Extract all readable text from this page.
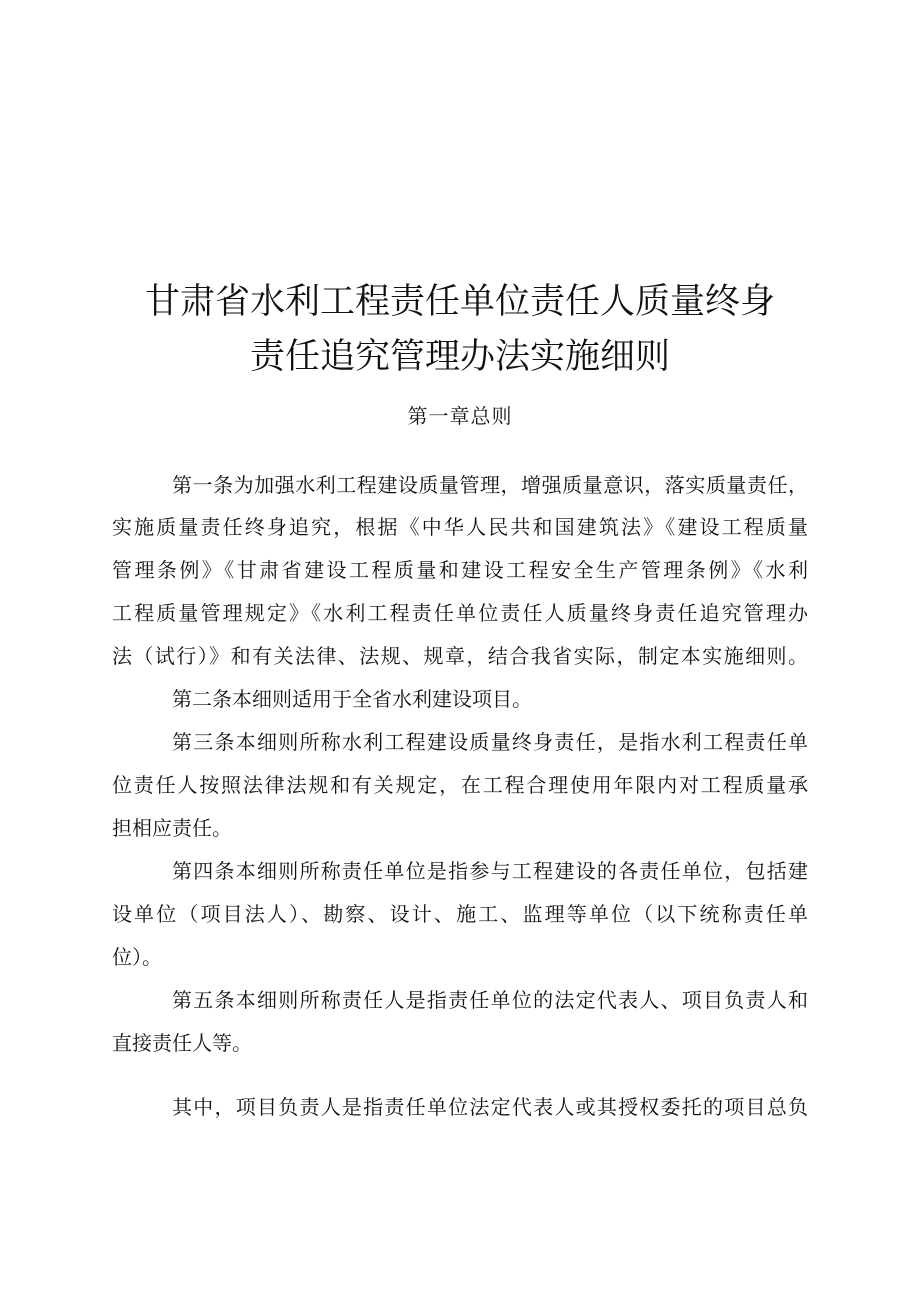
甘肃省水利工程责任单位责任人质量终身
责任追究管理办法实施细则
第一章总则
第一条为加强水利工程建设质量管理，增强质量意识，落实质量责任，
实施质量责任终身追究，根据《中华人民共和国建筑法》《建设工程质量
管理条例》《甘肃省建设工程质量和建设工程安全生产管理条例》《水利
工程质量管理规定》《水利工程责任单位责任人质量终身责任追究管理办
法（试行）》和有关法律、法规、规章，结合我省实际，制定本实施细则。
第二条本细则适用于全省水利建设项目。
第三条本细则所称水利工程建设质量终身责任，是指水利工程责任单
位责任人按照法律法规和有关规定，在工程合理使用年限内对工程质量承
担相应责任。
第四条本细则所称责任单位是指参与工程建设的各责任单位，包括建
设单位（项目法人）、勘察、设计、施工、监理等单位（以下统称责任单
位）。
第五条本细则所称责任人是指责任单位的法定代表人、项目负责人和
直接责任人等。
其中，项目负责人是指责任单位法定代表人或其授权委托的项目总负
